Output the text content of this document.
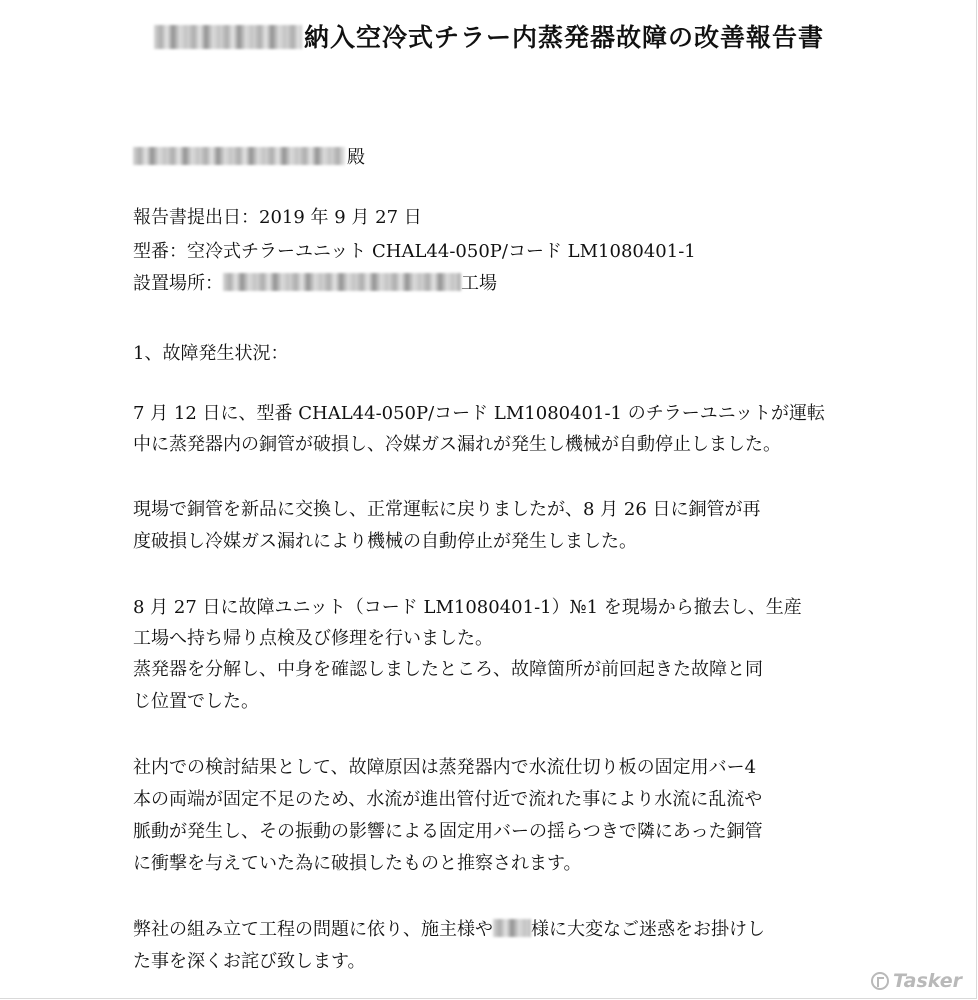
納入空冷式チラー内蒸発器故障の改善報告書
殿
報告書提出日：2019 年 9 月 27 日
型番：空冷式チラーユニット CHAL44-050P/コード LM1080401-1
設置場所：	工場
1、故障発生状況：
7 月 12 日に、型番 CHAL44-050P/コード LM1080401-1 のチラーユニットが運転
中に蒸発器内の銅管が破損し、冷媒ガス漏れが発生し機械が自動停止しました。
現場で銅管を新品に交換し、正常運転に戻りましたが、8 月 26 日に銅管が再
度破損し冷媒ガス漏れにより機械の自動停止が発生しました。
8 月 27 日に故障ユニット（コード LM1080401-1）№1 を現場から撤去し、生産
工場へ持ち帰り点検及び修理を行いました。
蒸発器を分解し、中身を確認しましたところ、故障箇所が前回起きた故障と同
じ位置でした。
社内での検討結果として、故障原因は蒸発器内で水流仕切り板の固定用バー4
本の両端が固定不足のため、水流が進出管付近で流れた事により水流に乱流や
脈動が発生し、その振動の影響による固定用バーの揺らつきで隣にあった銅管
に衝撃を与えていた為に破損したものと推察されます。
弊社の組み立て工程の問題に依り、施主様や 様に大変なご迷惑をお掛けし
た事を深くお詫び致します。
Tasker
